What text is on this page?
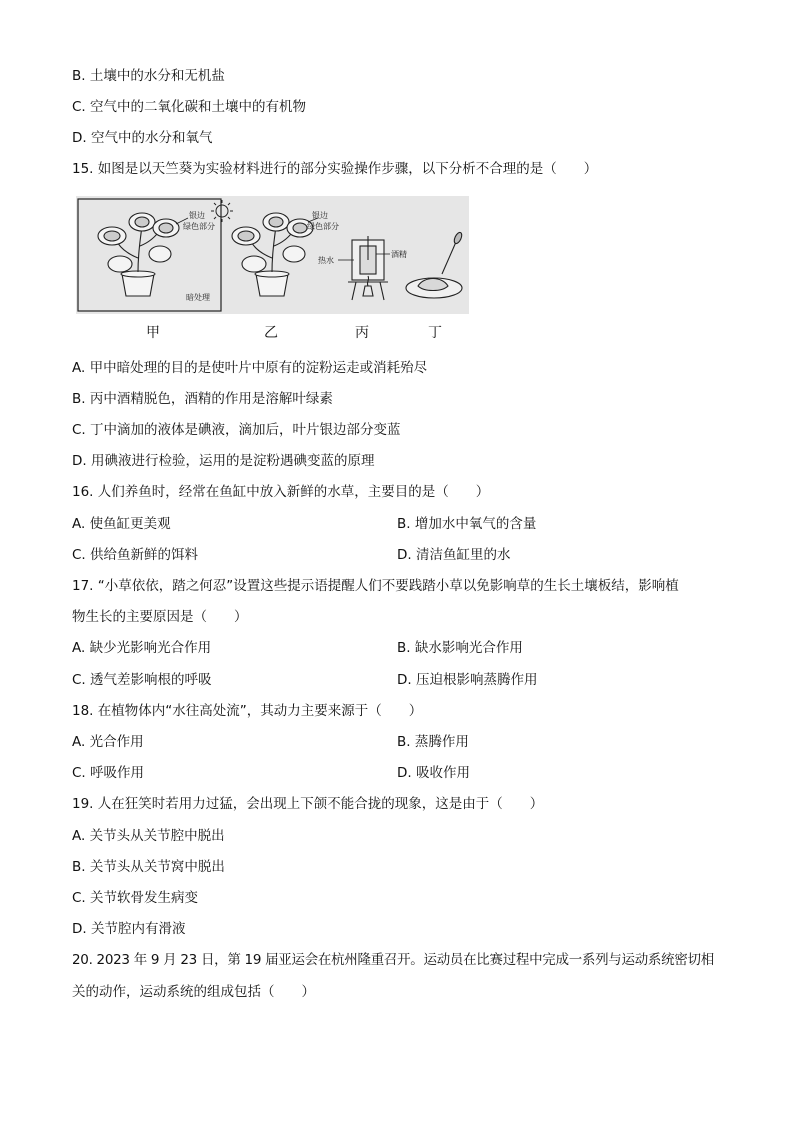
B. 土壤中的水分和无机盐
C. 空气中的二氧化碳和土壤中的有机物
D. 空气中的水分和氧气
15. 如图是以天竺葵为实验材料进行的部分实验操作步骤，以下分析不合理的是（　　）
银边
绿色部分
暗处理
银边
绿色部分
热水
酒精
甲	乙	丙	丁
A. 甲中暗处理的目的是使叶片中原有的淀粉运走或消耗殆尽
B. 丙中酒精脱色，酒精的作用是溶解叶绿素
C. 丁中滴加的液体是碘液，滴加后，叶片银边部分变蓝
D. 用碘液进行检验，运用的是淀粉遇碘变蓝的原理
16. 人们养鱼时，经常在鱼缸中放入新鲜的水草，主要目的是（　　）
A. 使鱼缸更美观	B. 增加水中氧气的含量
C. 供给鱼新鲜的饵料	D. 清洁鱼缸里的水
17. “小草依依，踏之何忍”设置这些提示语提醒人们不要践踏小草以免影响草的生长土壤板结，影响植
物生长的主要原因是（　　）
A. 缺少光影响光合作用	B. 缺水影响光合作用
C. 透气差影响根的呼吸	D. 压迫根影响蒸腾作用
18. 在植物体内“水往高处流”，其动力主要来源于（　　）
A. 光合作用	B. 蒸腾作用
C. 呼吸作用	D. 吸收作用
19. 人在狂笑时若用力过猛，会出现上下颌不能合拢的现象，这是由于（　　）
A. 关节头从关节腔中脱出
B. 关节头从关节窝中脱出
C. 关节软骨发生病变
D. 关节腔内有滑液
20. 2023 年 9 月 23 日，第 19 届亚运会在杭州隆重召开。运动员在比赛过程中完成一系列与运动系统密切相
关的动作，运动系统的组成包括（　　）
